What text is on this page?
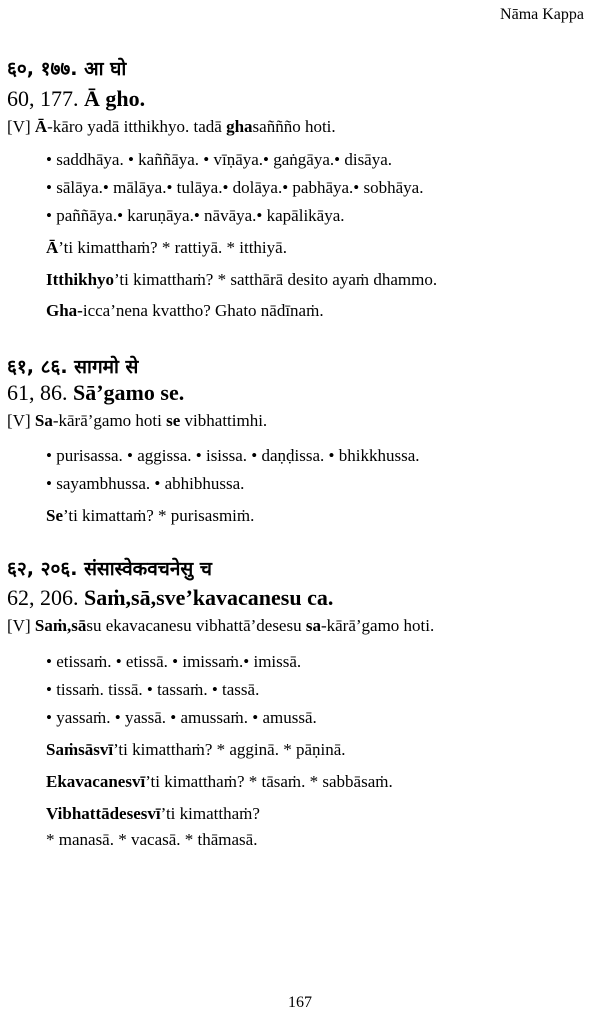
Nāma Kappa
६०, १७७. आ घो
60, 177. Ā gho.
[V] Ā-kāro yadā itthikhyo. tadā ghasaññño hoti.
• saddhāya. • kaññāya. • vīṇāya.• gaṅgāya.• disāya.
• sālāya.• mālāya.• tulāya.• dolāya.• pabhāya.• sobhāya.
• paññāya.• karuṇāya.• nāvāya.• kapālikāya.
Ā’ti kimatthaṁ? * rattiyā. * itthiyā.
Itthikhyo’ti kimatthaṁ? * satthārā desito ayaṁ dhammo.
Gha-icca’nena kvattho? Ghato nādīnaṁ.
६१, ८६. सागमो से
61, 86. Sā’gamo se.
[V] Sa-kārā’gamo hoti se vibhattimhi.
• purisassa. • aggissa. • isissa. • daṇḍissa. • bhikkhussa.
• sayambhussa. • abhibhussa.
Se’ti kimattaṁ? * purisasmiṁ.
६२, २०६. संसास्वेकवचनेसु च
62, 206. Saṁ,sā,sve’kavacanesu ca.
[V] Saṁ,sāsu ekavacanesu vibhattā’desesu sa-kārā’gamo hoti.
• etissaṁ. • etissā. • imissaṁ.• imissā.
• tissaṁ. tissā. • tassaṁ. • tassā.
• yassaṁ. • yassā. • amussaṁ. • amussā.
Saṁsāsvī’ti kimatthaṁ? * agginā. * pāṇinā.
Ekavacanesvī’ti kimatthaṁ? * tāsaṁ. * sabbāsaṁ.
Vibhattādesesvī’ti kimatthaṁ?
* manasā. * vacasā. * thāmasā.
167
